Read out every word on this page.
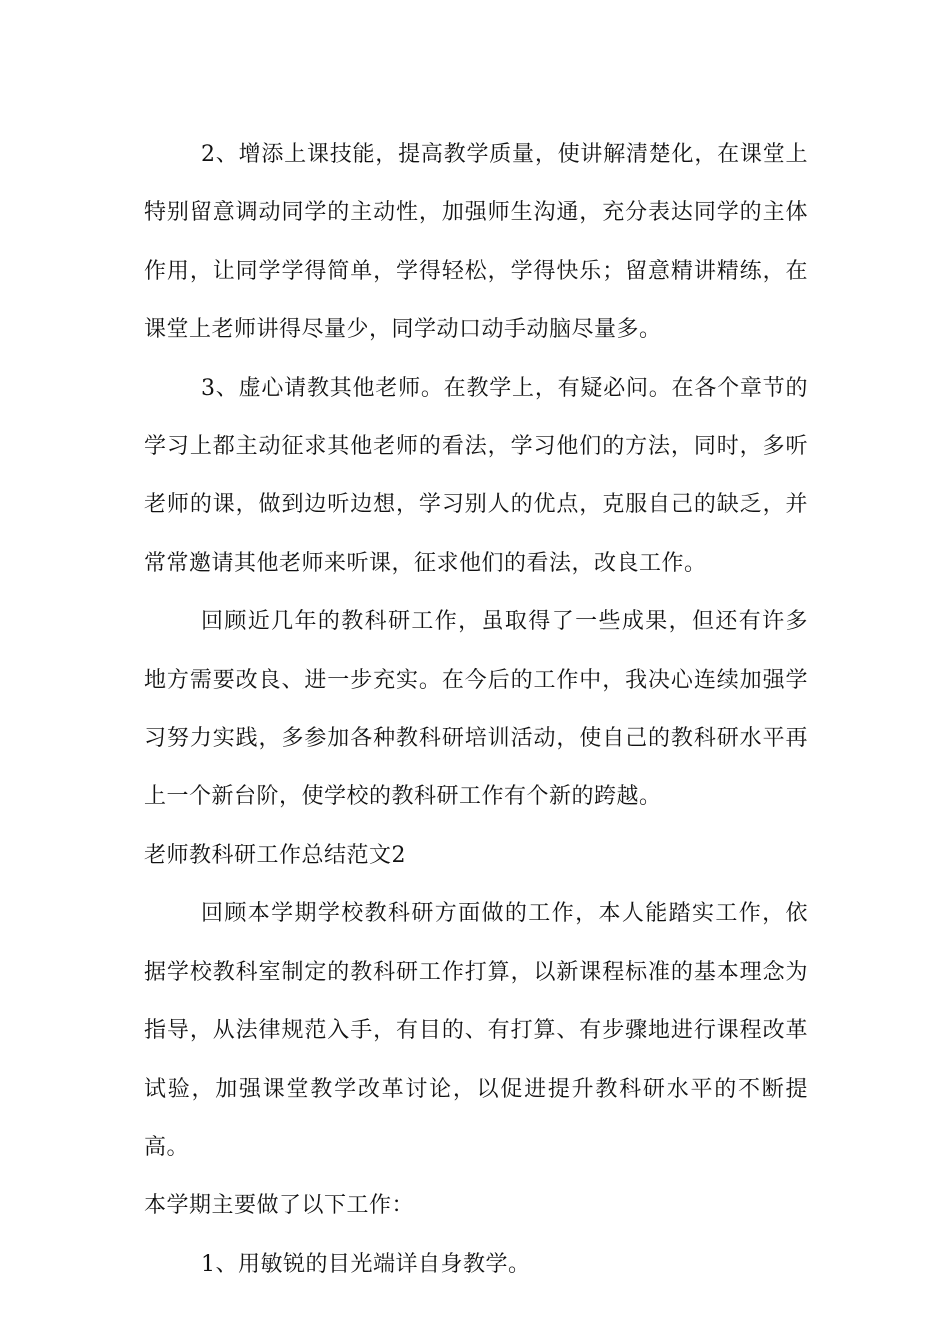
2、增添上课技能，提高教学质量，使讲解清楚化，在课堂上特别留意调动同学的主动性，加强师生沟通，充分表达同学的主体作用，让同学学得简单，学得轻松，学得快乐；留意精讲精练，在课堂上老师讲得尽量少，同学动口动手动脑尽量多。

3、虚心请教其他老师。在教学上，有疑必问。在各个章节的学习上都主动征求其他老师的看法，学习他们的方法，同时，多听老师的课，做到边听边想，学习别人的优点，克服自己的缺乏，并常常邀请其他老师来听课，征求他们的看法，改良工作。

回顾近几年的教科研工作，虽取得了一些成果，但还有许多地方需要改良、进一步充实。在今后的工作中，我决心连续加强学习努力实践，多参加各种教科研培训活动，使自己的教科研水平再上一个新台阶，使学校的教科研工作有个新的跨越。

老师教科研工作总结范文2

回顾本学期学校教科研方面做的工作，本人能踏实工作，依据学校教科室制定的教科研工作打算，以新课程标准的基本理念为指导，从法律规范入手，有目的、有打算、有步骤地进行课程改革试验，加强课堂教学改革讨论，以促进提升教科研水平的不断提高。

本学期主要做了以下工作：

1、用敏锐的目光端详自身教学。
